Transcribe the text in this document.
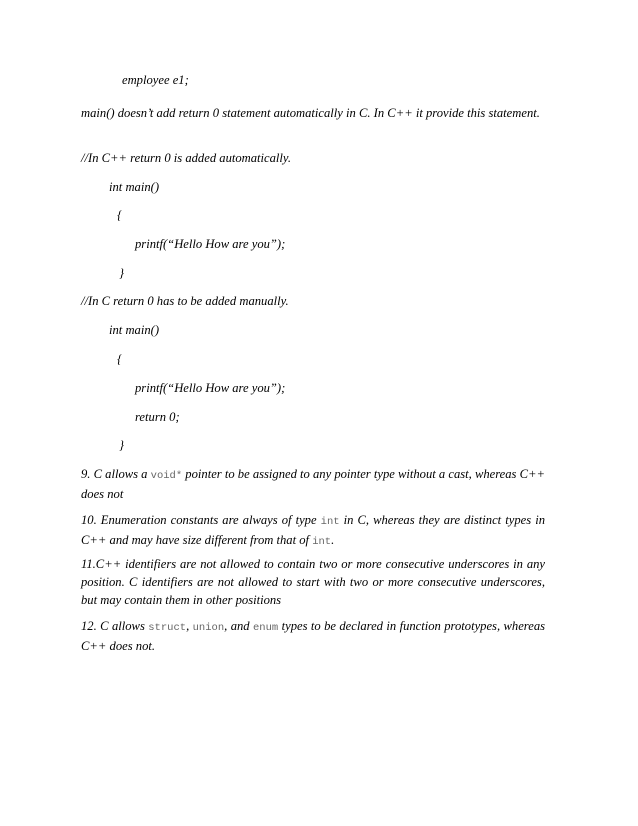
employee e1;
main() doesn’t add return 0 statement automatically in C. In C++ it provide this statement.
//In C++ return 0 is added automatically.
int main()
{
printf(“Hello How are you”);
}
//In C return 0 has to be added manually.
int main()
{
printf(“Hello How are you”);
return 0;
}
9. C allows a void* pointer to be assigned to any pointer type without a cast, whereas C++ does not
10. Enumeration constants are always of type int in C, whereas they are distinct types in C++ and may have size different from that of int.
11.C++ identifiers are not allowed to contain two or more consecutive underscores in any position. C identifiers are not allowed to start with two or more consecutive underscores, but may contain them in other positions
12. C allows struct, union, and enum types to be declared in function prototypes, whereas C++ does not.
